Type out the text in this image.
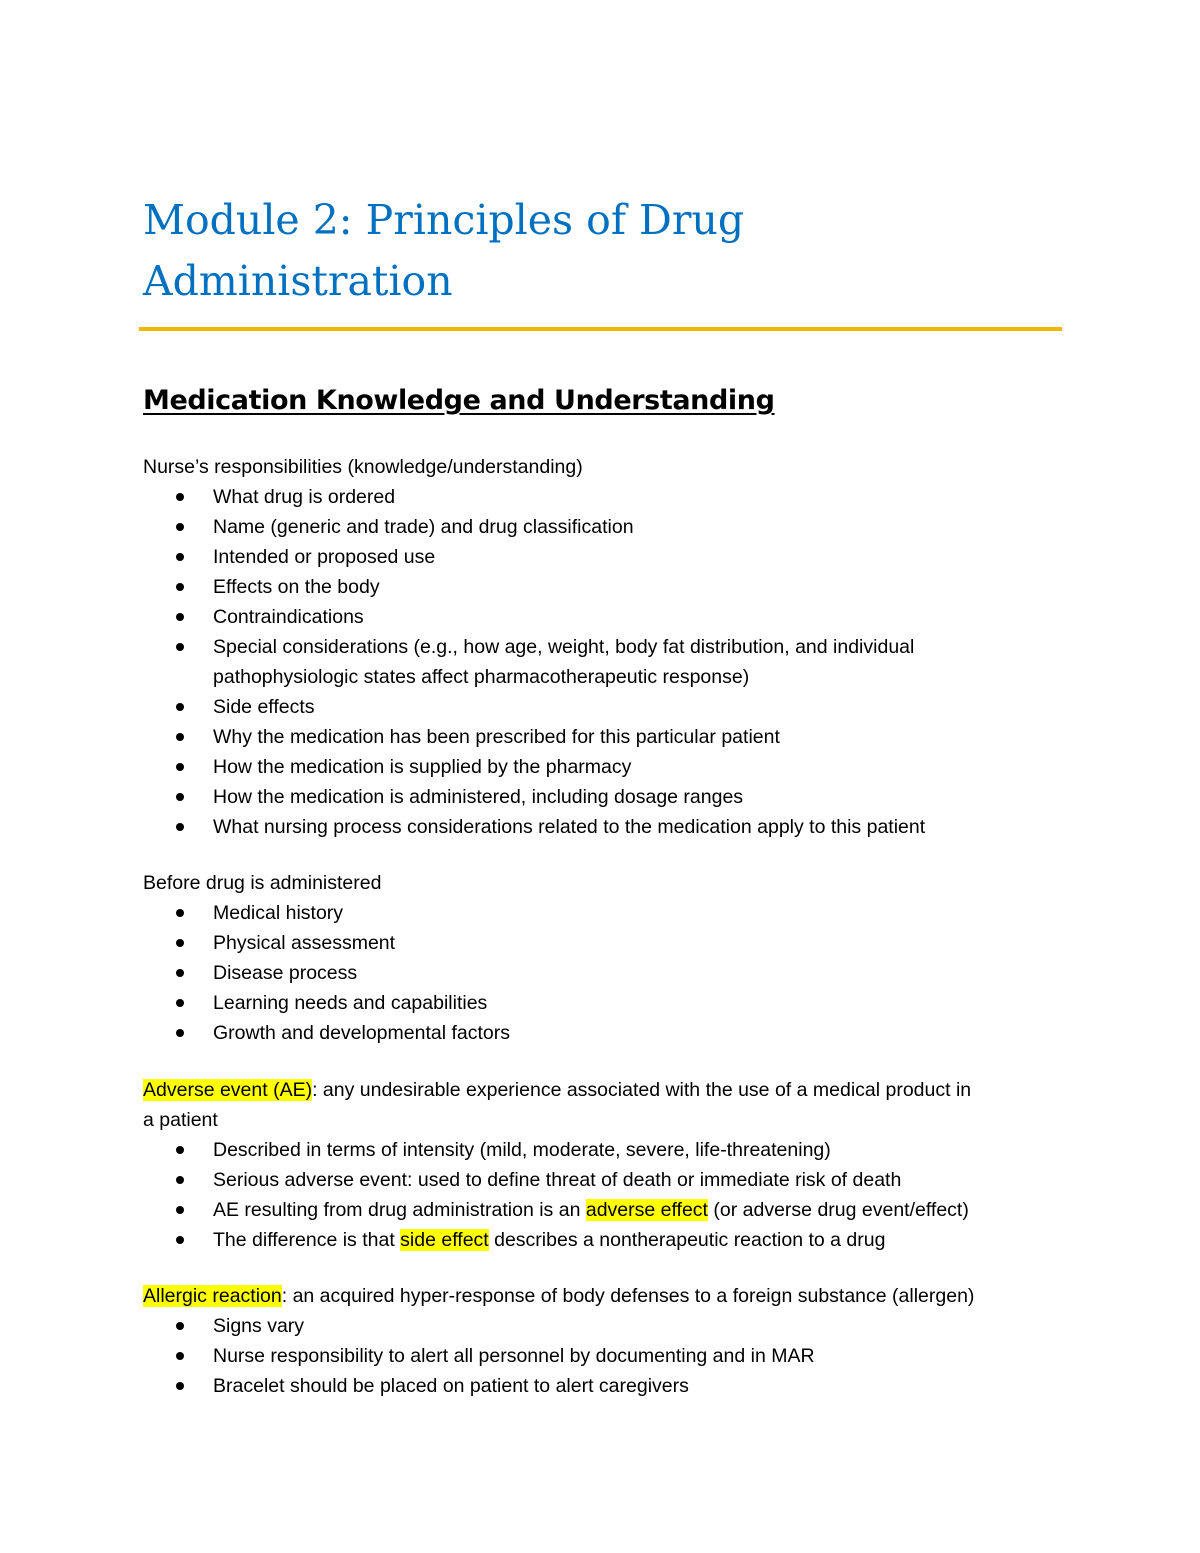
Module 2: Principles of Drug
Administration
Medication Knowledge and Understanding
Nurse’s responsibilities (knowledge/understanding)
What drug is ordered
Name (generic and trade) and drug classification
Intended or proposed use
Effects on the body
Contraindications
Special considerations (e.g., how age, weight, body fat distribution, and individual
pathophysiologic states affect pharmacotherapeutic response)
Side effects
Why the medication has been prescribed for this particular patient
How the medication is supplied by the pharmacy
How the medication is administered, including dosage ranges
What nursing process considerations related to the medication apply to this patient
Before drug is administered
Medical history
Physical assessment
Disease process
Learning needs and capabilities
Growth and developmental factors
Adverse event (AE): any undesirable experience associated with the use of a medical product in
a patient
Described in terms of intensity (mild, moderate, severe, life-threatening)
Serious adverse event: used to define threat of death or immediate risk of death
AE resulting from drug administration is an adverse effect (or adverse drug event/effect)
The difference is that side effect describes a nontherapeutic reaction to a drug
Allergic reaction: an acquired hyper-response of body defenses to a foreign substance (allergen)
Signs vary
Nurse responsibility to alert all personnel by documenting and in MAR
Bracelet should be placed on patient to alert caregivers
